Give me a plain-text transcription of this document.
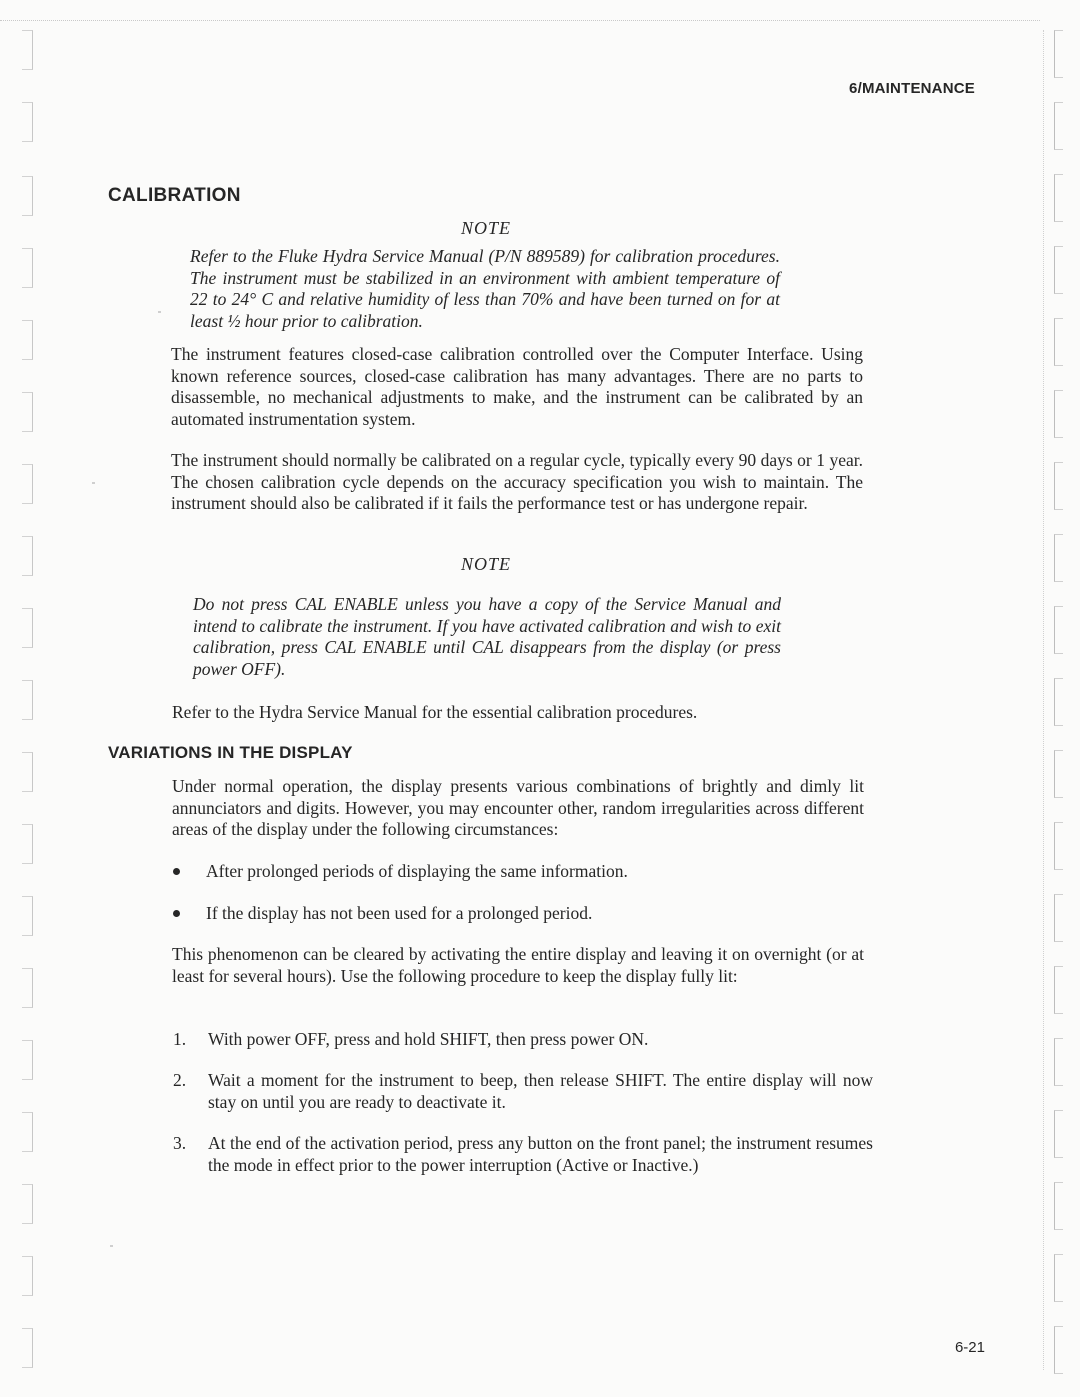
6/MAINTENANCE
CALIBRATION
NOTE

Refer to the Fluke Hydra Service Manual (P/N 889589) for calibration procedures. The instrument must be stabilized in an environment with ambient temperature of 22 to 24° C and relative humidity of less than 70% and have been turned on for at least ½ hour prior to calibration.

The instrument features closed-case calibration controlled over the Computer Interface. Using known reference sources, closed-case calibration has many advantages. There are no parts to disassemble, no mechanical adjustments to make, and the instrument can be calibrated by an automated instrumentation system.

The instrument should normally be calibrated on a regular cycle, typically every 90 days or 1 year. The chosen calibration cycle depends on the accuracy specification you wish to maintain. The instrument should also be calibrated if it fails the performance test or has undergone repair.

NOTE

Do not press CAL ENABLE unless you have a copy of the Service Manual and intend to calibrate the instrument. If you have activated calibration and wish to exit calibration, press CAL ENABLE until CAL disappears from the display (or press power OFF).

Refer to the Hydra Service Manual for the essential calibration procedures.

VARIATIONS IN THE DISPLAY

Under normal operation, the display presents various combinations of brightly and dimly lit annunciators and digits. However, you may encounter other, random irregularities across different areas of the display under the following circumstances:

After prolonged periods of displaying the same information.
If the display has not been used for a prolonged period.

This phenomenon can be cleared by activating the entire display and leaving it on overnight (or at least for several hours). Use the following procedure to keep the display fully lit:

1. With power OFF, press and hold SHIFT, then press power ON.
2. Wait a moment for the instrument to beep, then release SHIFT. The entire display will now stay on until you are ready to deactivate it.
3. At the end of the activation period, press any button on the front panel; the instrument resumes the mode in effect prior to the power interruption (Active or Inactive.)
6-21
